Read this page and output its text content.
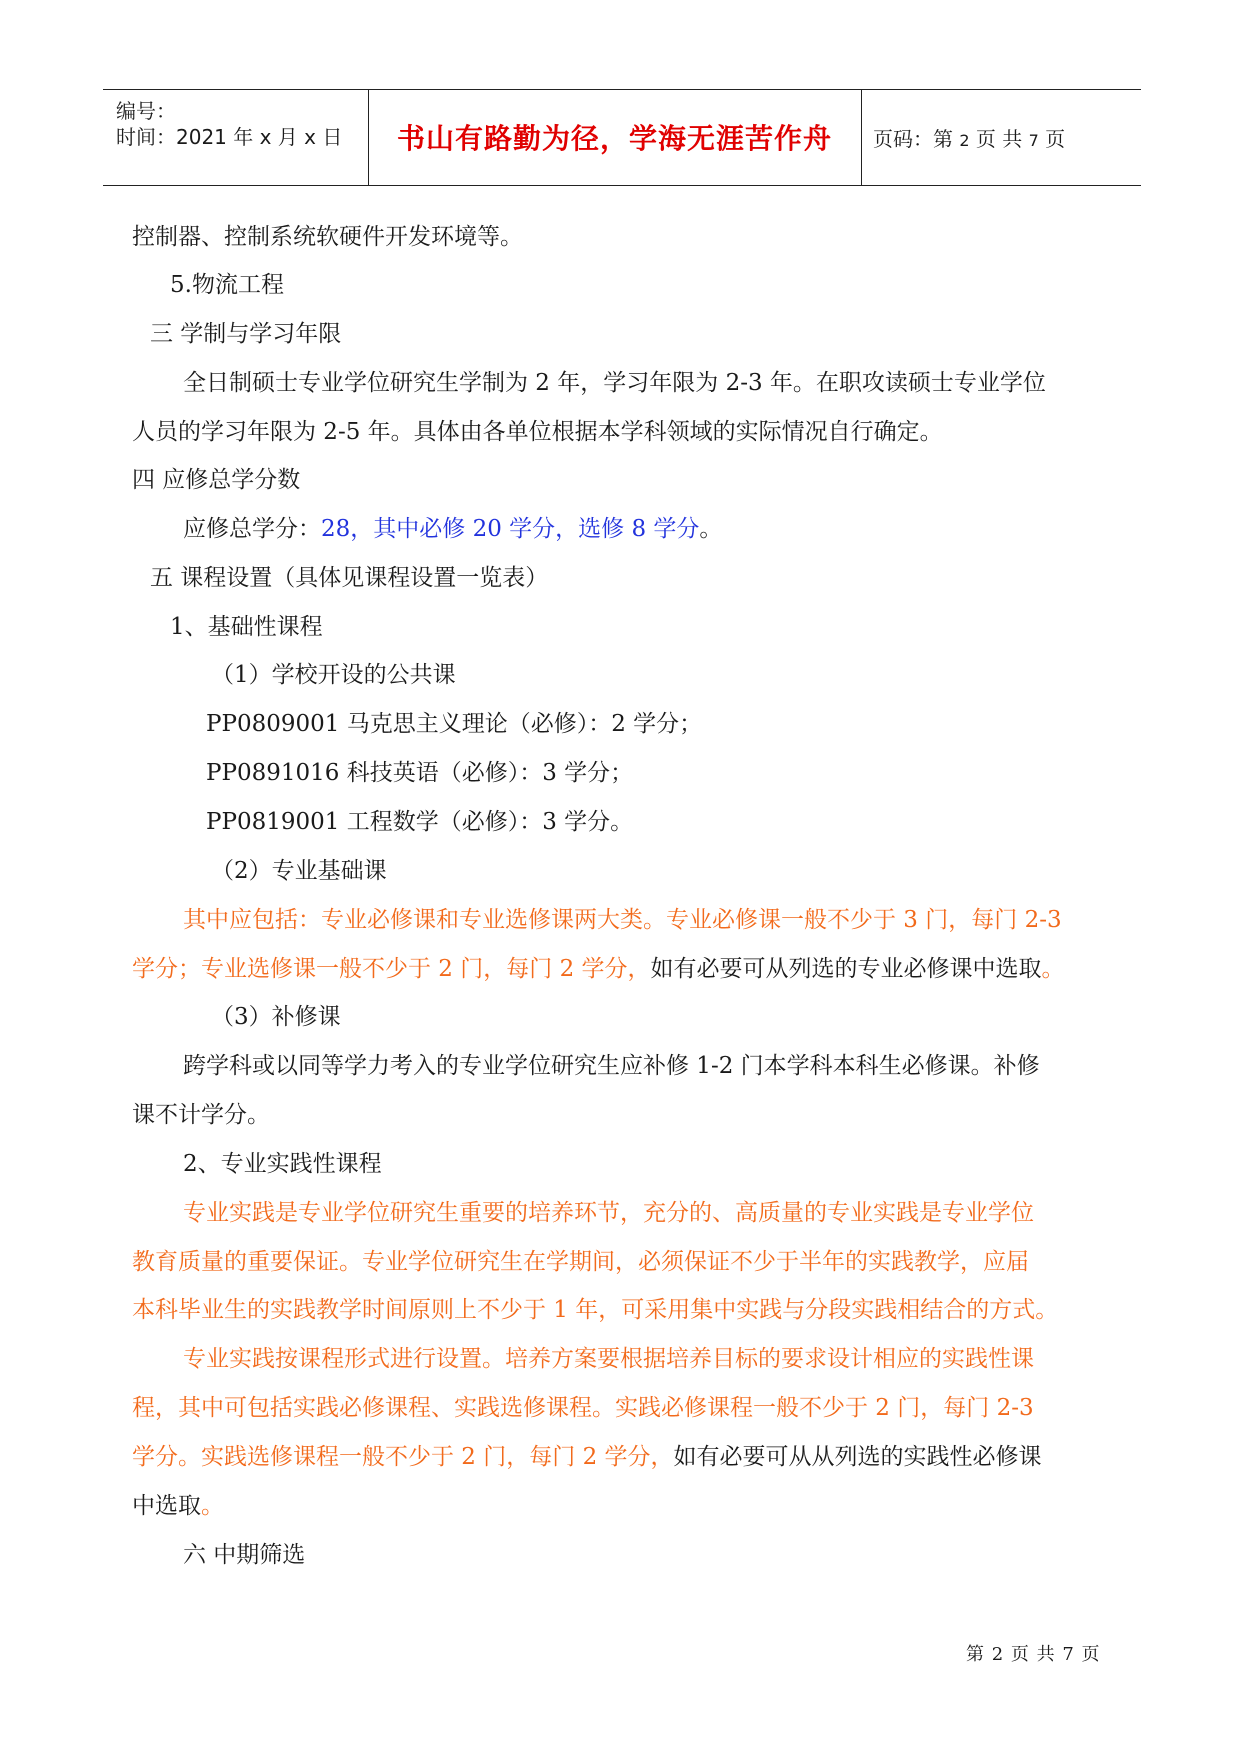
编号：
时间：2021 年 x 月 x 日	书山有路勤为径，学海无涯苦作舟	页码：第 2 页 共 7 页
控制器、控制系统软硬件开发环境等。
5.物流工程
三 学制与学习年限
全日制硕士专业学位研究生学制为 2 年，学习年限为 2-3 年。在职攻读硕士专业学位
人员的学习年限为 2-5 年。具体由各单位根据本学科领域的实际情况自行确定。
四 应修总学分数
应修总学分：28，其中必修 20 学分，选修 8 学分。
五 课程设置（具体见课程设置一览表）
1、基础性课程
（1）学校开设的公共课
PP0809001 马克思主义理论（必修）：2 学分；
PP0891016 科技英语（必修）：3 学分；
PP0819001 工程数学（必修）：3 学分。
（2）专业基础课
其中应包括：专业必修课和专业选修课两大类。专业必修课一般不少于 3 门，每门 2-3
学分；专业选修课一般不少于 2 门，每门 2 学分，如有必要可从列选的专业必修课中选取。
（3）补修课
跨学科或以同等学力考入的专业学位研究生应补修 1-2 门本学科本科生必修课。补修
课不计学分。
2、专业实践性课程
专业实践是专业学位研究生重要的培养环节，充分的、高质量的专业实践是专业学位
教育质量的重要保证。专业学位研究生在学期间，必须保证不少于半年的实践教学，应届
本科毕业生的实践教学时间原则上不少于 1 年，可采用集中实践与分段实践相结合的方式。
专业实践按课程形式进行设置。培养方案要根据培养目标的要求设计相应的实践性课
程，其中可包括实践必修课程、实践选修课程。实践必修课程一般不少于 2 门，每门 2-3
学分。实践选修课程一般不少于 2 门，每门 2 学分，如有必要可从从列选的实践性必修课
中选取。
六 中期筛选
第 2 页 共 7 页
